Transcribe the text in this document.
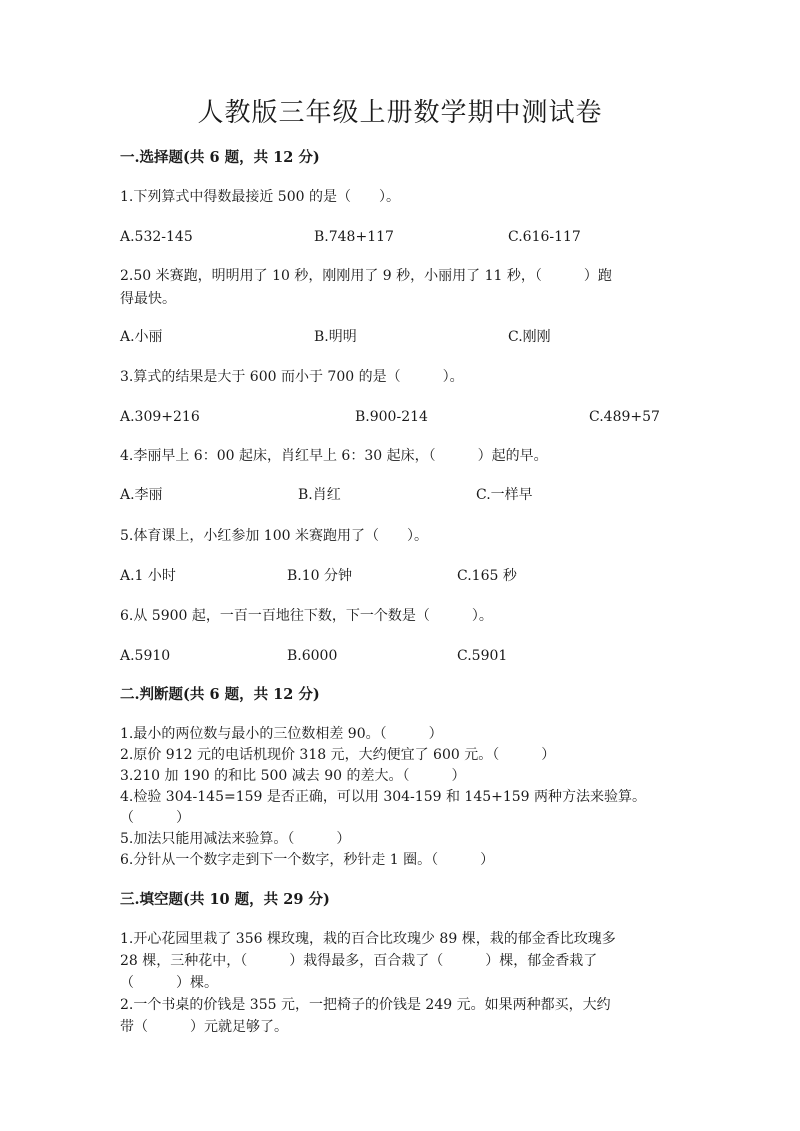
人教版三年级上册数学期中测试卷
一.选择题(共 6 题，共 12 分)
1.下列算式中得数最接近 500 的是（　　）。
A.532-145	B.748+117	C.616-117
2.50 米赛跑，明明用了 10 秒，刚刚用了 9 秒，小丽用了 11 秒，（　　　）跑
得最快。
A.小丽	B.明明	C.刚刚
3.算式的结果是大于 600 而小于 700 的是（　　　）。
A.309+216	B.900-214	C.489+57
4.李丽早上 6：00 起床，肖红早上 6：30 起床，（　　　）起的早。
A.李丽	B.肖红	C.一样早
5.体育课上，小红参加 100 米赛跑用了（　　）。
A.1 小时	B.10 分钟	C.165 秒
6.从 5900 起，一百一百地往下数，下一个数是（　　　）。
A.5910	B.6000	C.5901
二.判断题(共 6 题，共 12 分)
1.最小的两位数与最小的三位数相差 90。（　　　）
2.原价 912 元的电话机现价 318 元，大约便宜了 600 元。（　　　）
3.210 加 190 的和比 500 减去 90 的差大。（　　　）
4.检验 304-145=159 是否正确，可以用 304-159 和 145+159 两种方法来验算。
（　　　）
5.加法只能用减法来验算。（　　　）
6.分针从一个数字走到下一个数字，秒针走 1 圈。（　　　）
三.填空题(共 10 题，共 29 分)
1.开心花园里栽了 356 棵玫瑰，栽的百合比玫瑰少 89 棵，栽的郁金香比玫瑰多
28 棵，三种花中，（　　　）栽得最多，百合栽了（　　　）棵，郁金香栽了
（　　　）棵。
2.一个书桌的价钱是 355 元，一把椅子的价钱是 249 元。如果两种都买，大约
带（　　　）元就足够了。
